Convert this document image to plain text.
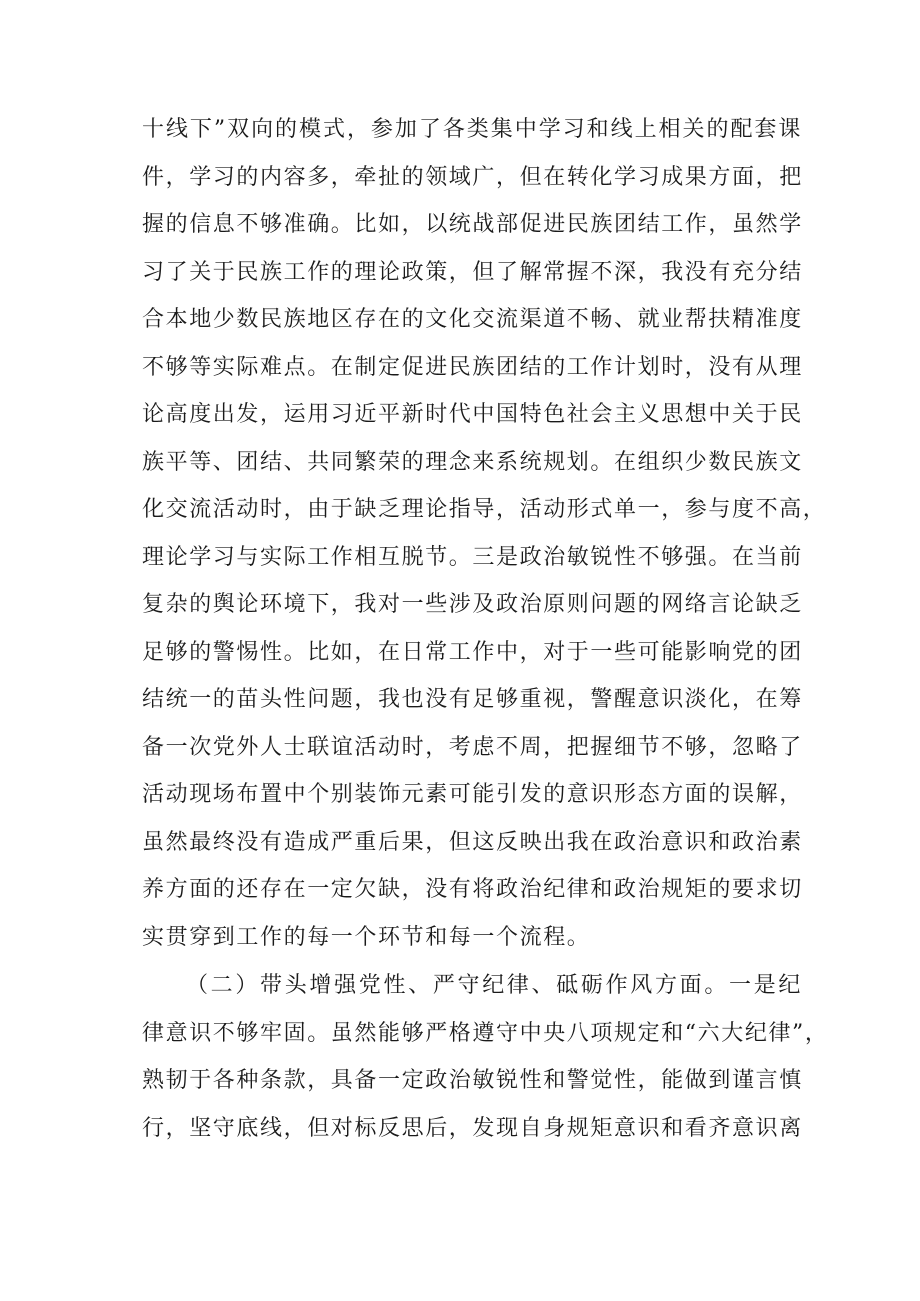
十线下”双向的模式，参加了各类集中学习和线上相关的配套课
件，学习的内容多，牵扯的领域广，但在转化学习成果方面，把
握的信息不够准确。比如，以统战部促进民族团结工作，虽然学
习了关于民族工作的理论政策，但了解常握不深，我没有充分结
合本地少数民族地区存在的文化交流渠道不畅、就业帮扶精准度
不够等实际难点。在制定促进民族团结的工作计划时，没有从理
论高度出发，运用习近平新时代中国特色社会主义思想中关于民
族平等、团结、共同繁荣的理念来系统规划。在组织少数民族文
化交流活动时，由于缺乏理论指导，活动形式单一，参与度不高，
理论学习与实际工作相互脱节。三是政治敏锐性不够强。在当前
复杂的舆论环境下，我对一些涉及政治原则问题的网络言论缺乏
足够的警惕性。比如，在日常工作中，对于一些可能影响党的团
结统一的苗头性问题，我也没有足够重视，警醒意识淡化，在筹
备一次党外人士联谊活动时，考虑不周，把握细节不够，忽略了
活动现场布置中个别装饰元素可能引发的意识形态方面的误解，
虽然最终没有造成严重后果，但这反映出我在政治意识和政治素
养方面的还存在一定欠缺，没有将政治纪律和政治规矩的要求切
实贯穿到工作的每一个环节和每一个流程。
（二）带头增强党性、严守纪律、砥砺作风方面。一是纪
律意识不够牢固。虽然能够严格遵守中央八项规定和“六大纪律”，
熟韧于各种条款，具备一定政治敏锐性和警觉性，能做到谨言慎
行，坚守底线，但对标反思后，发现自身规矩意识和看齐意识离
